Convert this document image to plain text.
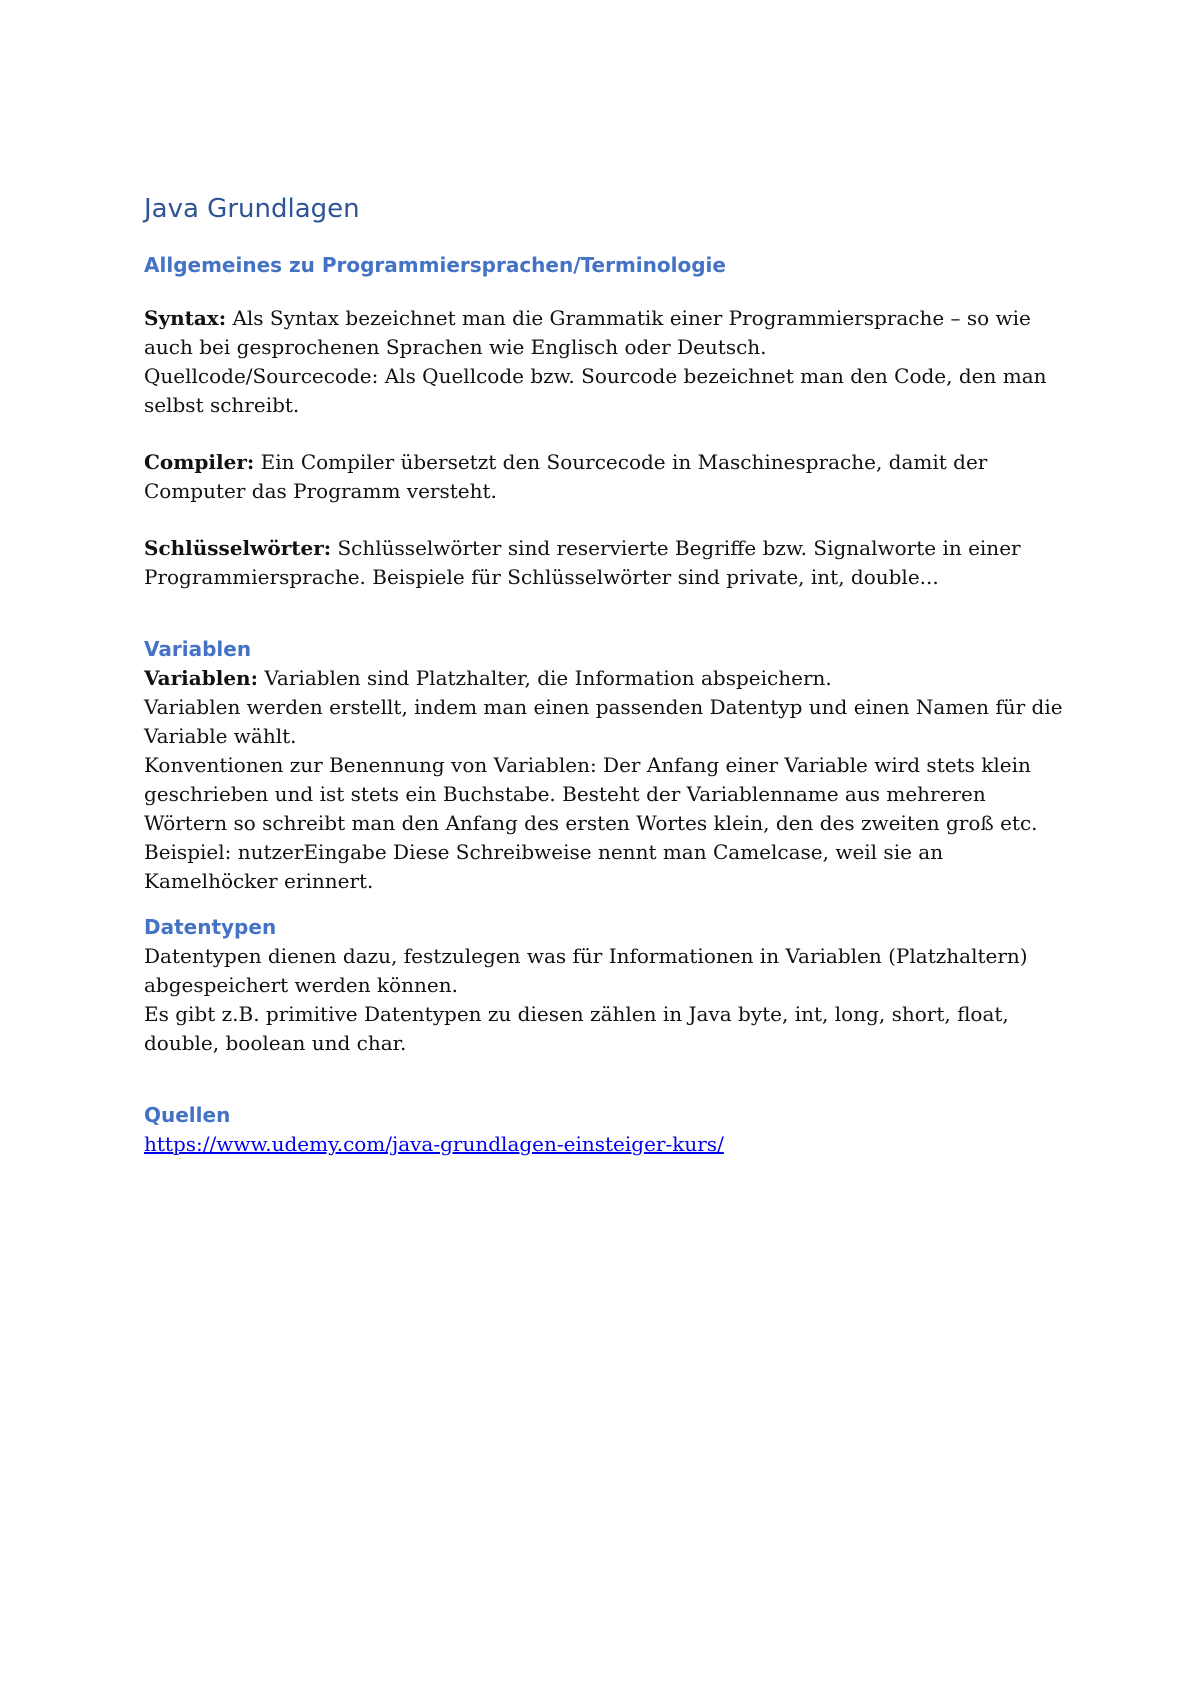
Java Grundlagen
Allgemeines zu Programmiersprachen/Terminologie

Syntax: Als Syntax bezeichnet man die Grammatik einer Programmiersprache – so wie auch bei gesprochenen Sprachen wie Englisch oder Deutsch.

Quellcode/Sourcecode: Als Quellcode bzw. Sourcode bezeichnet man den Code, den man selbst schreibt.

Compiler: Ein Compiler übersetzt den Sourcecode in Maschinesprache, damit der Computer das Programm versteht.

Schlüsselwörter: Schlüsselwörter sind reservierte Begriffe bzw. Signalworte in einer Programmiersprache. Beispiele für Schlüsselwörter sind private, int, double...

Variablen

Variablen: Variablen sind Platzhalter, die Information abspeichern.

Variablen werden erstellt, indem man einen passenden Datentyp und einen Namen für die Variable wählt.

Konventionen zur Benennung von Variablen: Der Anfang einer Variable wird stets klein geschrieben und ist stets ein Buchstabe. Besteht der Variablenname aus mehreren Wörtern so schreibt man den Anfang des ersten Wortes klein, den des zweiten groß etc.

Beispiel: nutzerEingabe Diese Schreibweise nennt man Camelcase, weil sie an Kamelhöcker erinnert.

Datentypen

Datentypen dienen dazu, festzulegen was für Informationen in Variablen (Platzhaltern) abgespeichert werden können.

Es gibt z.B. primitive Datentypen zu diesen zählen in Java byte, int, long, short, float, double, boolean und char.

Quellen
https://www.udemy.com/java-grundlagen-einsteiger-kurs/
